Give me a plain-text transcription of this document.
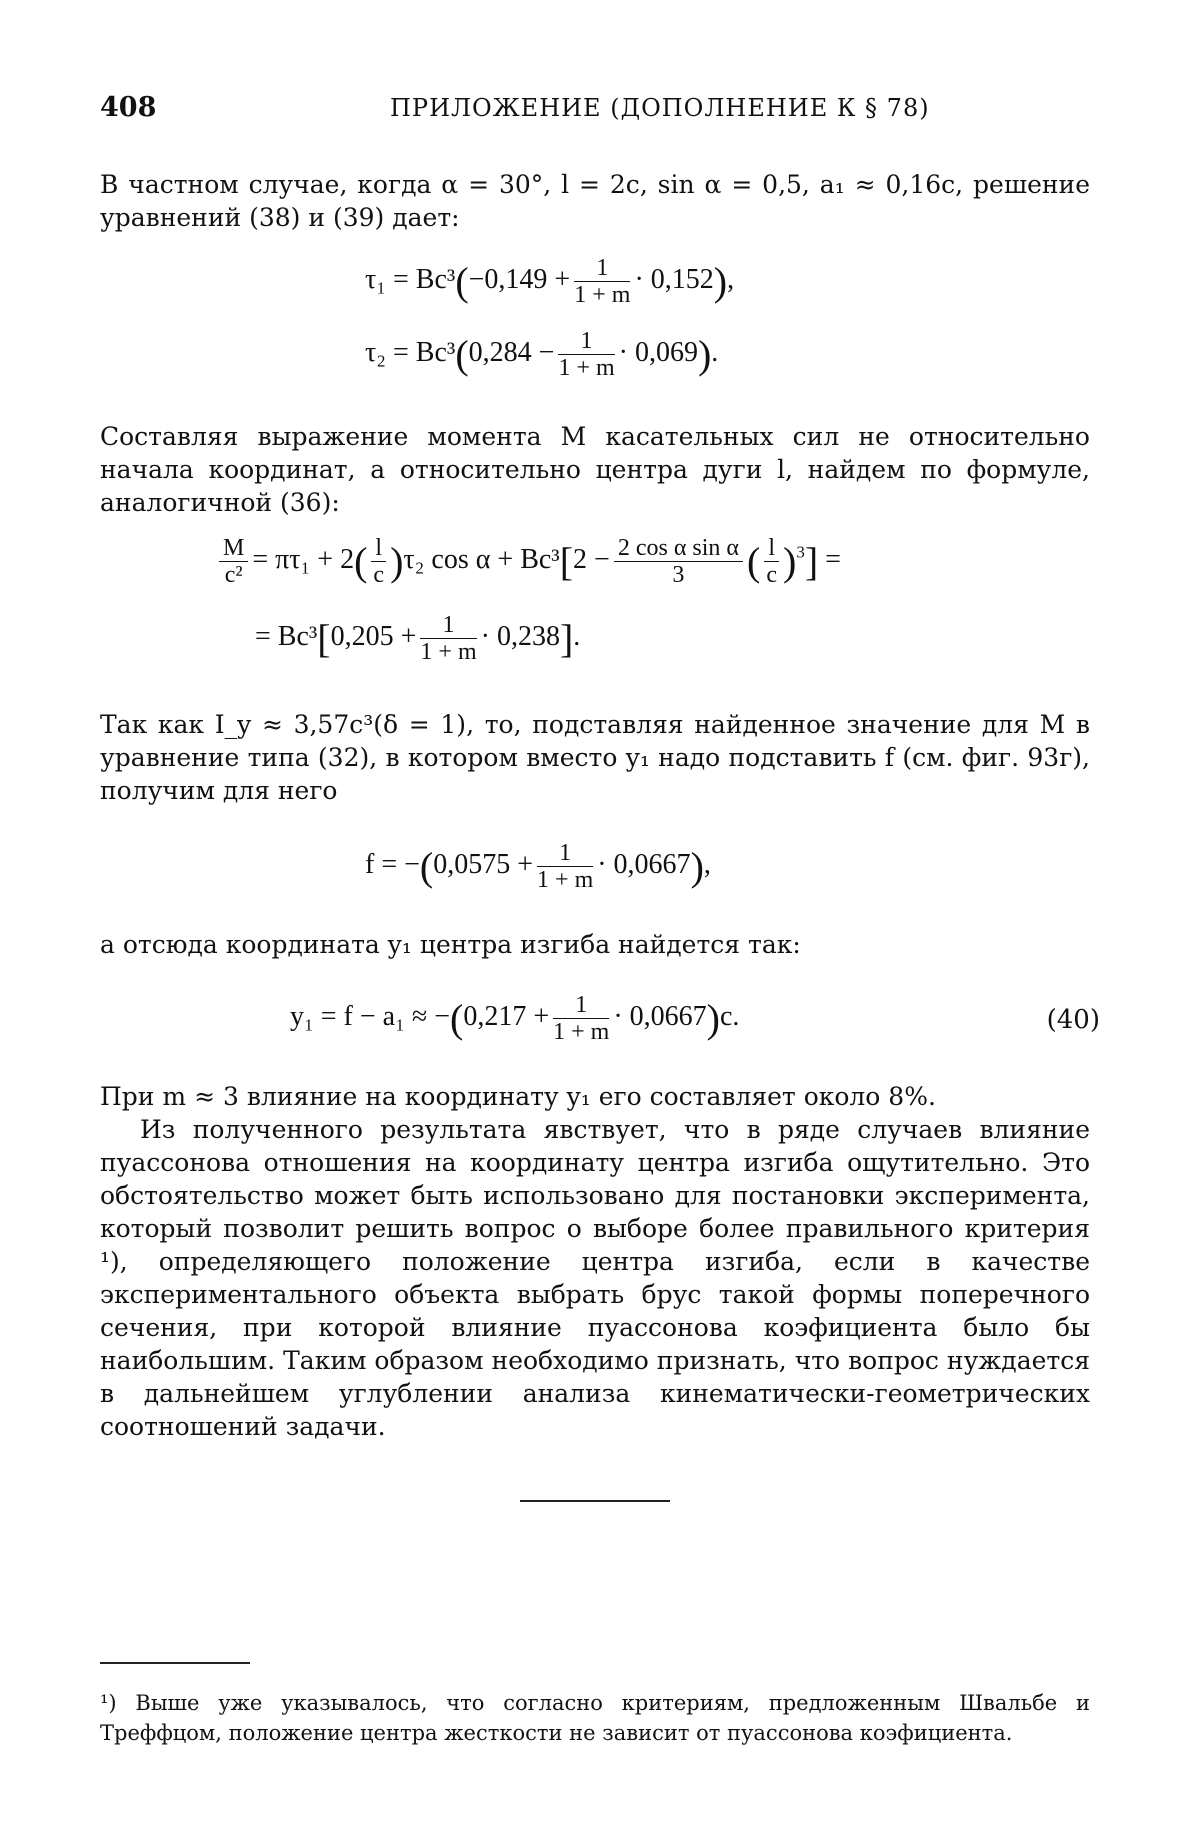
408	ПРИЛОЖЕНИЕ (ДОПОЛНЕНИЕ К § 78)
В частном случае, когда α = 30°, l = 2c, sin α = 0,5, a₁ ≈ 0,16c, решение уравнений (38) и (39) дает:
$\tau_1 = Bc^3(-0,149 + \frac{1}{1 + m} \cdot 0,152)$,
$\tau_2 = Bc^3(0,284 - \frac{1}{1 + m} \cdot 0,069)$.
Составляя выражение момента M касательных сил не относительно начала координат, а относительно центра дуги l, найдем по формуле, аналогичной (36):
$\frac{M}{\text{c²}} = \pi\tau_1 + 2( \frac{l}{c} )\tau_2$ $\cos \alpha + Bc^3[2 - \frac{\text{2 cos α sin α}}{3}$ ( $\frac{l}{c} )^3$] =
= $Bc^3[0,205 + \frac{1}{1 + m} \cdot 0,238]$.
Так как I_y ≈ 3,57c³(δ = 1), то, подставляя найденное значение для M в уравнение типа (32), в котором вместо y₁ надо подставить f (см. фиг. 93г), получим для него
$f = -(0,0575 + \frac{1}{1 + m} \cdot 0,0667)$,
а отсюда координата y₁ центра изгиба найдется так:
$y_1 = f - a_1 \approx -(0,217 + \frac{1}{1 + m} \cdot 0,0667)c$.	(40)
При m ≈ 3 влияние на координату y₁ его составляет около 8%.
Из полученного результата явствует, что в ряде случаев влияние пуассонова отношения на координату центра изгиба ощутительно. Это обстоятельство может быть использовано для постановки эксперимента, который позволит решить вопрос о выборе более правильного критерия ¹), определяющего положение центра изгиба, если в качестве экспериментального объекта выбрать брус такой формы поперечного сечения, при которой влияние пуассонова коэфициента было бы наибольшим. Таким образом необходимо признать, что вопрос нуждается в дальнейшем углублении анализа кинематически-геометрических соотношений задачи.
¹) Выше уже указывалось, что согласно критериям, предложенным Швальбе и Треффцом, положение центра жесткости не зависит от пуассонова коэфициента.
